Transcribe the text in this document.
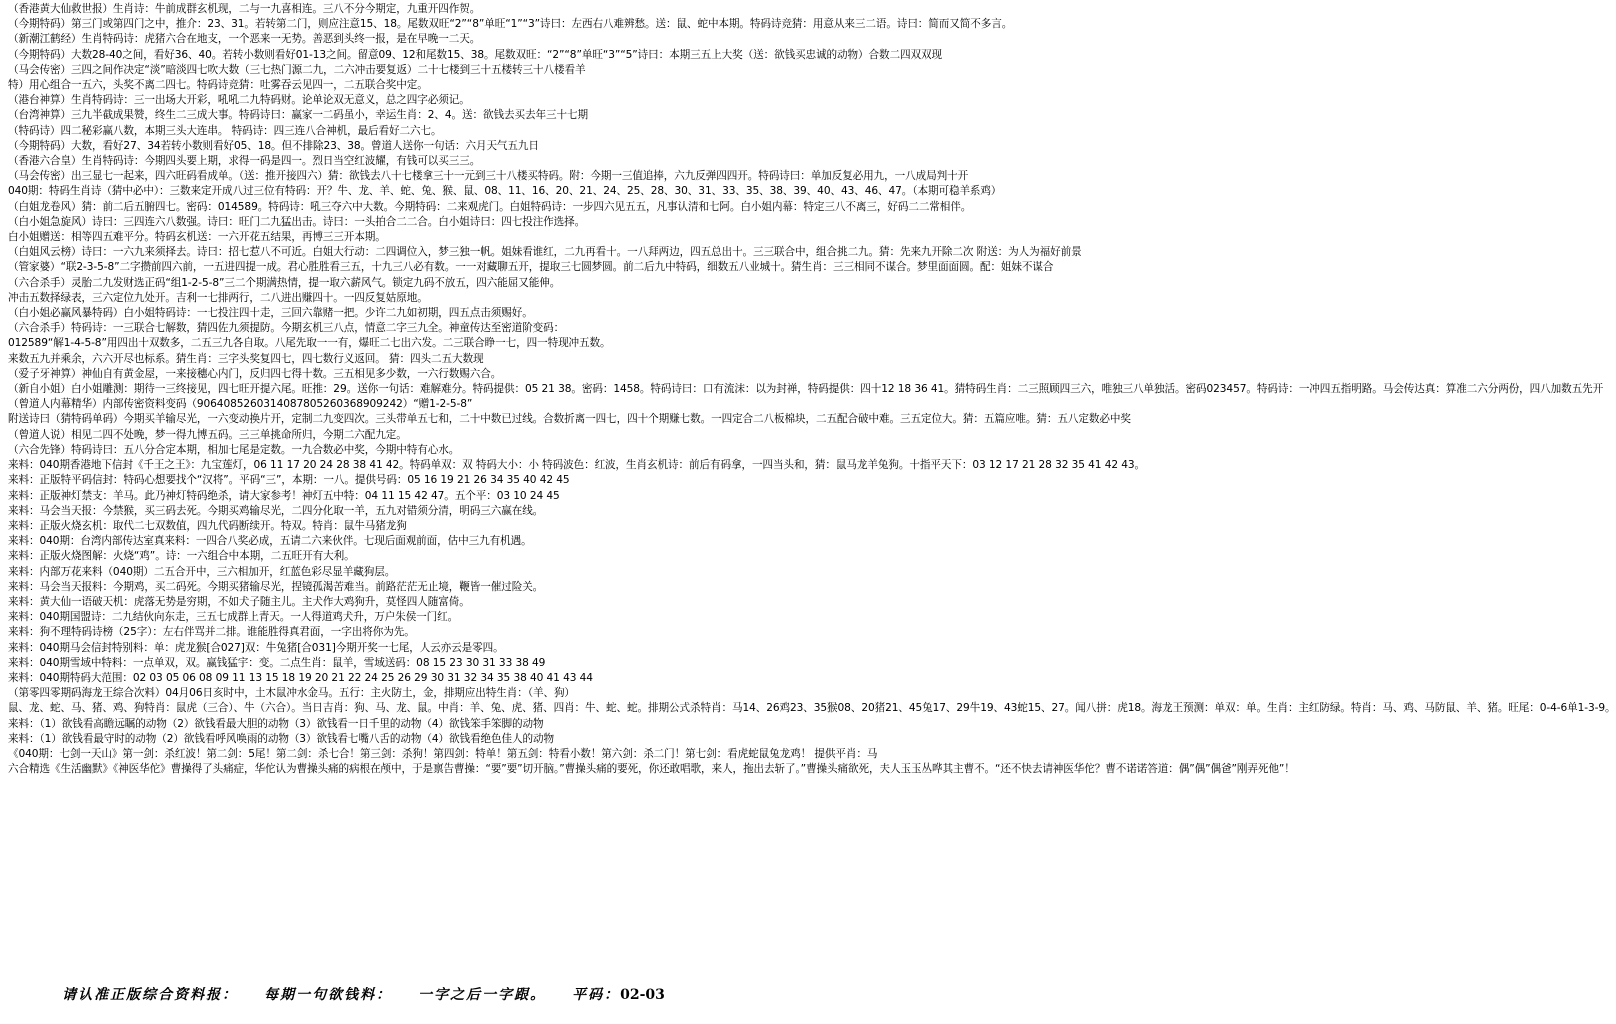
（香港黄大仙救世报）生肖诗：牛前成群玄机现，二与一九喜相连。三八不分今期定，九重开四作贺。
（今期特码）第三门或第四门之中，推介：23、31。若转第二门，则应注意15、18。尾数双旺“2”“8”单旺“1”“3”诗曰：左西右八难辨愁。送：鼠、蛇中本期。特码诗竞猜：用意从来三二语。诗曰：简而又简不多言。
（新潮江鹤经）生肖特码诗：虎猪六合在地支，一个恶来一无势。善恶到头终一报，是在早晚一二天。
（今期特码）大数28-40之间，看好36、40。若转小数则看好01-13之间。留意09、12和尾数15、38。尾数双旺：“2”“8”单旺“3”“5”诗曰：本期三五上大奖（送：欲钱买忠诚的动物）合数二四双双现
（马会传密）三四之间作决定“淡”暗淡四七吹大数（三七热门源二九，二六冲击要复返）二十七楼到三十五楼转三十八楼看羊
特）用心组合一五六，头奖不离二四七。特码诗竞猜：吐雾吞云见四一，二五联合奖中定。
（港台神算）生肖特码诗：三一出场大开彩，吼吼二九特码财。论单论双无意义，总之四字必须记。
（台湾神算）三九半截成果赞，终生二三成大事。特码诗曰：赢家一二码虽小，幸运生肖：2、4。送：欲钱去买去年三十七期
（特码诗）四二秘彩赢八数，本期三头大连串。 特码诗：四三连八合神机，最后看好二六七。
（今期特码）大数，看好27、34若转小数则看好05、18。但不排除23、38。曾道人送你一句话：六月天气五九日
（香港六合皇）生肖特码诗：今期四头要上期，求得一码是四一。烈日当空红波耀，有钱可以买三三。
（马会传密）出三显七一起来，四六旺码看成单。（送：推开接四六）猜：欲钱去八十七楼拿三十一元到三十八楼买特码。附：今期一三值追捧，六九反弹四四开。特码诗曰：单加反复必用九，一八成局判十开
040期：特码生肖诗（猜中必中）：三数来定开成八过三位有特码：开？牛、龙、羊、蛇、兔、猴、鼠、08、11、16、20、21、24、25、28、30、31、33、35、38、39、40、43、46、47。（本期可稳羊系鸡）
（白姐龙卷风）猜：前二后五腑四七。密码：014589。特码诗：吼三夺六中大数。今期特码：二来观虎门。白姐特码诗：一步四六见五五，凡事认清和七阿。白小姐内幕：特定三八不离三，好码二二常相伴。
（白小姐急旋风）诗曰：三四连六八数强。诗曰：旺门二九猛出击。诗曰：一头拍合二二合。白小姐诗曰：四七投注作选择。
白小姐赠送：相等四五难平分。特码玄机送：一六开花五结果，再博三三开本期。
（白姐风云榜）诗曰：一六九来须择去。诗曰：招七惹八不可近。白姐大行动：二四调位入，梦三独一帆。姐妹看谁红，二九再看十。一八拜两边，四五总出十。三三联合中，组合挑二九。猜：先来九开除二次 附送：为人为福好前景
（管家婆）“联2-3-5-8”二字攒前四六前，一五进四提一成。君心胜胜看三五，十九三八必有数。一一对藏聊五开，提取三七圆梦圆。前二后九中特码，细数五八业城十。猜生肖：三三相同不谋合。梦里面面圆。配：姐妹不谋合
（六合杀手）灵胎二九发财选正码“组1-2-5-8”三二个期满热情，提一取六薪风气。锁定九码不放五，四六能屈又能伸。
冲击五数择绿表，三六定位九处开。吉利一七排两行，二八进出赚四十。一四反复姑原地。
（白小姐必赢风暴特码）白小姐特码诗：一七投注四十走，三回六靠赌一把。少许二九如初期，四五点击须赐好。
（六合杀手）特码诗：一三联合七解数，猜四佐九须提防。今期玄机三八点，情意二字三九全。神童传达至密道阶变码：
012589“解1-4-5-8”用四出十双数多，二五三九各自取。八尾先取一一有，爆旺二七出六发。二三联合睁一七，四一特现冲五数。
来数五九并乘余，六六开尽也标系。猜生肖：三字头奖复四七，四七数行义返回。 猜：四头二五大数现
（爱子牙神算）神仙自有黄金屋，一来接穗心内门，反归四七得十数。三五相见多少数，一六行数赐六合。
（新自小姐）白小姐雕测：期待一三终接见，四七旺开提六尾。旺推：29。送你一句话：难解难分。特码提供：05 21 38。密码：1458。特码诗曰：口有流沫：以为封禅，特码提供：四十12 18 36 41。猜特码生肖：二三照顾四三六，唯独三八单独活。密码023457。特码诗：一冲四五指明路。马会传达真：算准二六分两份，四八加数五先开
（曾道人内幕精华）内部传密资料变码（906408526031408780526036890924​2）“赠1-2-5-8”
附送诗曰（猜特码单码）今期买羊输尽光，一六变动换片开，定制二九变四次。三头带单五七和，二十中数已过线。合数折离一四七，四十个期赚七数。一四定合二八板棉块，二五配合破中难。三五定位大。猜：五篇应唯。猜：五八定数必中奖
（曾道人说）相见二四不处晚，梦一得九博五码。三三单挑命所归，今期二六配九定。
（六合先锋）特码诗曰：五八分合定本期，相加七尾是定数。一九合数必中奖，今期中特有心水。
来料：040期香港地下信封《千王之王》：九宝莲灯，06 11 17 20 24 28 38 41 42。特码单双：双 特码大小：小 特码波色：红波，生肖玄机诗：前后有码拿，一四当头和，猜：鼠马龙羊兔狗。十指平天下：03 12 17 21 28 32 35 41 42 43。
来料：正版特平码信封：特码心想要找个“汉将”。平码“三”，本期：一八。提供号码：05 16 19 21 26 34 35 40 42 45
来料：正版神灯禁支：羊马。此乃神灯特码绝杀，请大家参考！神灯五中特：04 11 15 42 47。五个平：03 10 24 45
来料：马会当天报：今禁猴，买三码去死。今期买鸡输尽光，二四分化取一羊，五九对错须分清，明码三六赢在线。
来料：正版火烧玄机：取代二七双数值，四九代码断续开。特双。特肖：鼠牛马猪龙狗
来料：040期：台湾内部传达室真来料：一四合八奖必成，五请二六来伙伴。七现后面观前面，估中三九有机遇。
来料：正版火烧图解：火烧“鸡”。诗：一六组合中本期，二五旺开有大利。
来料：内部万花来料（040期）二五合开中，三六相加开，红蓝色彩尽显羊藏狗层。
来料：马会当天报料：今期鸡，买二码死。今期买猪输尽光，捏镜孤渴苦难当。前路茫茫无止境，鞭皆一催过险关。
来料：黄大仙一语破天机：虎落无势是穷期，不如犬子随主儿。主犬作大鸡狗升，莫怪四人随富倚。
来料：040期国盟诗：二九结伙向东走，三五七成群上青天。一人得道鸡犬升，万户朱侯一门红。
来料：狗不理特码诗榜（25字）：左右伴骂并二排。谁能胜得真君面，一字出将你为先。
来料：040期马会信封特别料：单：虎龙猴[合027]双：牛兔猪[合031]今期开奖一七尾，人云亦云是零四。
来料：040期雪域中特料：一点单双，双。赢钱猛宇：变。二点生肖：鼠羊，雪域送码：08 15 23 30 31 33 38 49
来料：040期特码大范围：02 03 05 06 08 09 11 13 15 18 19 20 21 22 24 25 26 29 30 31 32 34 35 38 40 41 43 44
（第零四零期码海龙王综合次料）04月06日亥时中，土木鼠冲水金马。五行：主火防土，金，排期应出特生肖：（羊、狗）
鼠、龙、蛇、马、猪、鸡、狗特肖：鼠虎（三合）、牛（六合）。当日吉肖：狗、马、龙、鼠。中肖：羊、兔、虎、猪、四肖：牛、蛇、蛇。排期公式杀特肖：马14、26鸡23、35猴08、20猪21、45兔17、29牛19、43蛇15、27。闻八拼：虎18。海龙王预测：单双：单。生肖：主红防绿。特肖：马、鸡、马防鼠、羊、猪。旺尾：0-4-6单1-3-9。
来料：（1）欲钱看高瞻远瞩的动物（2）欲钱看最大胆的动物（3）欲钱看一日千里的动物（4）欲钱笨手笨脚的动物
来料：（1）欲钱看最守时的动物（2）欲钱看呼风唤雨的动物（3）欲钱看七嘴八舌的动物（4）欲钱看绝色佳人的动物
《040期：七剑一天山》第一剑：杀红波！第二剑：5尾！第二剑：杀七合！第三剑：杀狗！第四剑：特单！第五剑：特看小数！第六剑：杀二门！第七剑：看虎蛇鼠兔龙鸡！ 提供平肖：马
六合精选《生活幽默》《神医华佗》曹操得了头痛症，华佗认为曹操头痛的病根在颅中，于是禀告曹操：“要”要”切开脑。”曹操头痛的要死，你还敢唱歌，来人，拖出去斩了。”曹操头痛欲死，夫人玉玉丛哗其主曹不。“还不快去请神医华佗？曹不诺诺答道：偶”偶”偶爸”刚弄死他”！
请认准正版综合资料报： 每期一句欲钱料： 一字之后一字跟。 平码：02-03
